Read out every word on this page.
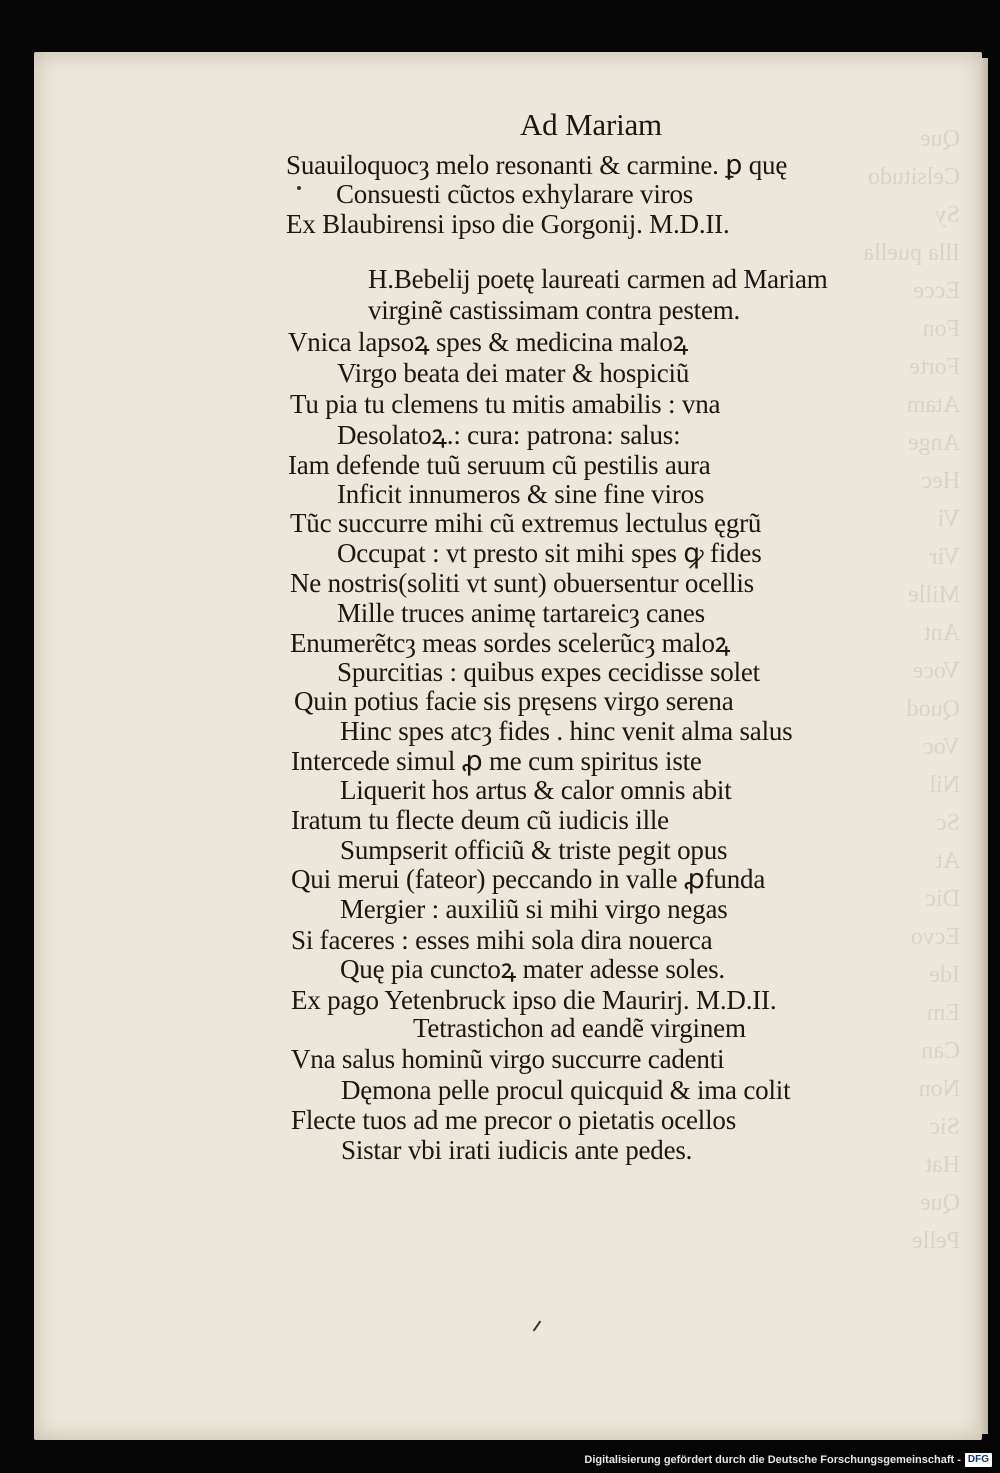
Que
Celsitudo
Sy
Illa puella
Ecce
Fon
Forte
Atam
Ange
Hec
Vi
Vir
Mille
Ant
Voce
Quod
Voc
Nil
Sc
At
Dic
Ecvo
Ide
Em
Can
Non
Sic
Hat
Que
Pelle
Ad Mariam
Suauiloquocȝ melo resonanti & carmine. ꝑ quę
Consuesti cũctos exhylarare viros
Ex Blaubirensi ipso die Gorgonij. M.D.II.
H.Bebelij poetę laureati carmen ad Mariam
virginẽ castissimam contra pestem.
Vnica lapsoꝝ spes & medicina maloꝝ
Virgo beata dei mater & hospiciũ
Tu pia tu clemens tu mitis amabilis : vna
Desolatoꝝ.: cura: patrona: salus:
Iam defende tuũ seruum cũ pestilis aura
Inficit innumeros & sine fine viros
Tũc succurre mihi cũ extremus lectulus ęgrũ
Occupat : vt presto sit mihi spes ꝙ fides
Ne nostris(soliti vt sunt) obuersentur ocellis
Mille truces animę tartareicȝ canes
Enumerẽtcȝ meas sordes scelerũcȝ maloꝝ
Spurcitias : quibus expes cecidisse solet
Quin potius facie sis pręsens virgo serena
Hinc spes atcȝ fides . hinc venit alma salus
Intercede simul ꝓ me cum spiritus iste
Liquerit hos artus & calor omnis abit
Iratum tu flecte deum cũ iudicis ille
Sumpserit officiũ & triste pegit opus
Qui merui (fateor) peccando in valle ꝓfunda
Mergier : auxiliũ si mihi virgo negas
Si faceres : esses mihi sola dira nouerca
Quę pia cunctoꝝ mater adesse soles.
Ex pago Yetenbruck ipso die Maurirj. M.D.II.
Tetrastichon ad eandẽ virginem
Vna salus hominũ virgo succurre cadenti
Dęmona pelle procul quicquid & ima colit
Flecte tuos ad me precor o pietatis ocellos
Sistar vbi irati iudicis ante pedes.
Digitalisierung gefördert durch die Deutsche Forschungsgemeinschaft - DFG
